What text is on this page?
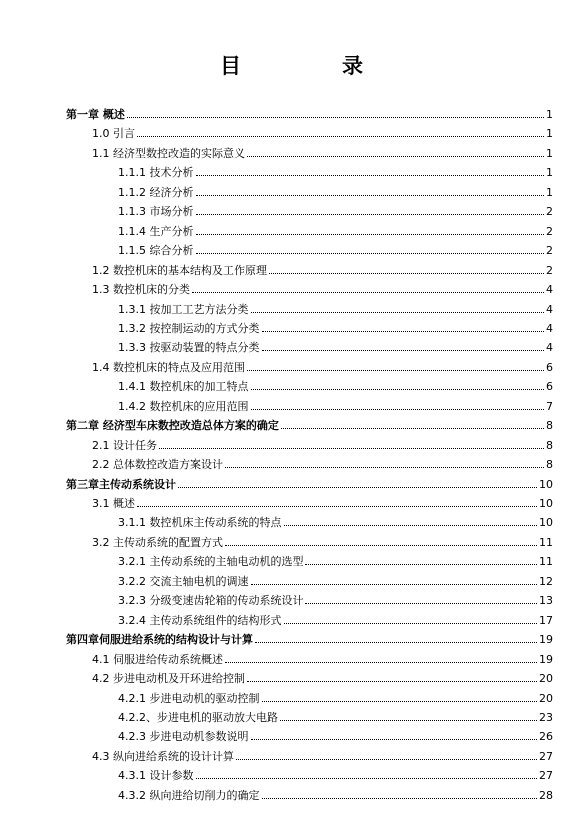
目　录
第一章 概述	1
1.0 引言	1
1.1 经济型数控改造的实际意义	1
1.1.1 技术分析	1
1.1.2 经济分析	1
1.1.3 市场分析	2
1.1.4 生产分析	2
1.1.5 综合分析	2
1.2 数控机床的基本结构及工作原理	2
1.3 数控机床的分类	4
1.3.1 按加工工艺方法分类	4
1.3.2 按控制运动的方式分类	4
1.3.3 按驱动装置的特点分类	4
1.4 数控机床的特点及应用范围	6
1.4.1 数控机床的加工特点	6
1.4.2 数控机床的应用范围	7
第二章 经济型车床数控改造总体方案的确定	8
2.1 设计任务	8
2.2 总体数控改造方案设计	8
第三章主传动系统设计	10
3.1 概述	10
3.1.1 数控机床主传动系统的特点	10
3.2 主传动系统的配置方式	11
3.2.1 主传动系统的主轴电动机的选型	11
3.2.2 交流主轴电机的调速	12
3.2.3 分级变速齿轮箱的传动系统设计	13
3.2.4 主传动系统组件的结构形式	17
第四章伺服进给系统的结构设计与计算	19
4.1 伺服进给传动系统概述	19
4.2 步进电动机及开环进给控制	20
4.2.1 步进电动机的驱动控制	20
4.2.2、步进电机的驱动放大电路	23
4.2.3 步进电动机参数说明	26
4.3 纵向进给系统的设计计算	27
4.3.1 设计参数	27
4.3.2 纵向进给切削力的确定	28
